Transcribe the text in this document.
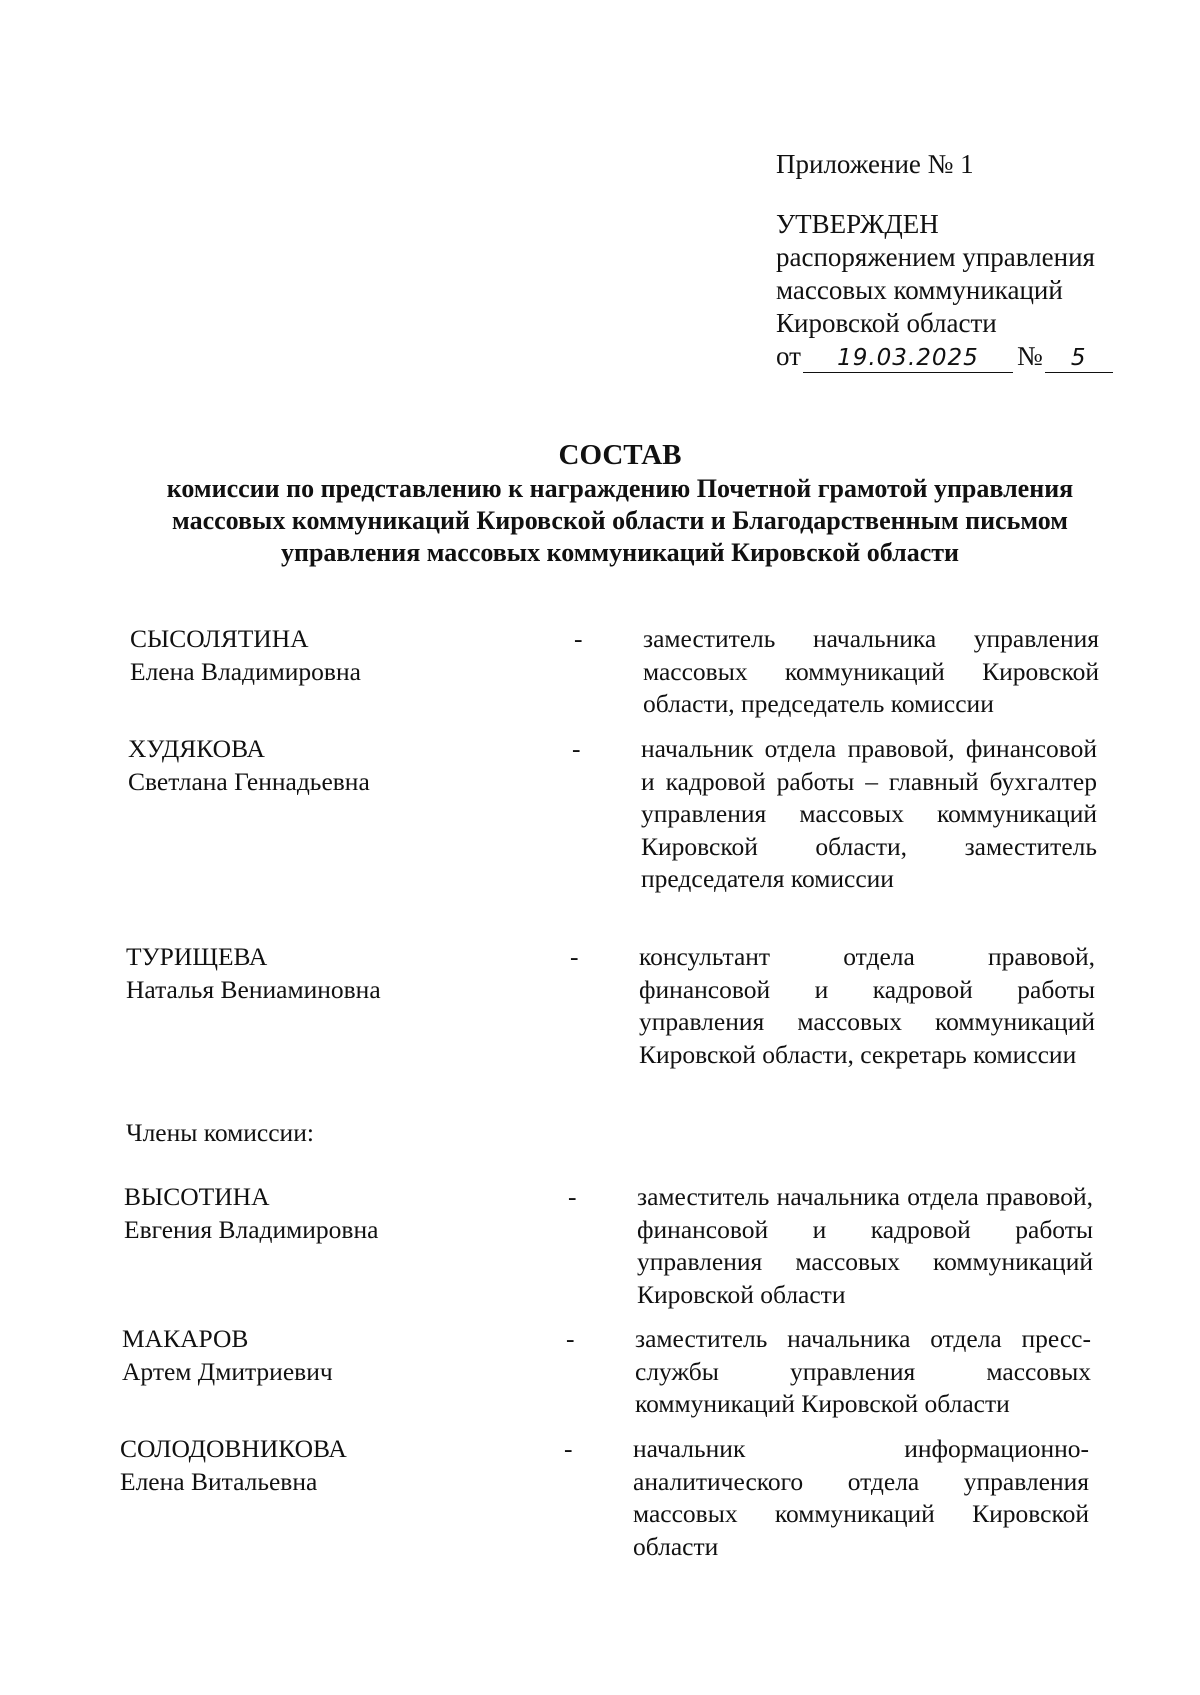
Приложение № 1
УТВЕРЖДЕН
распоряжением управления
массовых коммуникаций
Кировской области
от	19.03.2025	№	5
СОСТАВ
комиссии по представлению к награждению Почетной грамотой управления
массовых коммуникаций Кировской области и Благодарственным письмом
управления массовых коммуникаций Кировской области
СЫСОЛЯТИНА
Елена Владимировна
- заместитель начальника управления массовых коммуникаций Кировской области, председатель комиссии
ХУДЯКОВА
Светлана Геннадьевна
- начальник отдела правовой, финансовой и кадровой работы – главный бухгалтер управления массовых коммуникаций Кировской области, заместитель председателя комиссии
ТУРИЩЕВА
Наталья Вениаминовна
- консультант отдела правовой, финансовой и кадровой работы управления массовых коммуникаций Кировской области, секретарь комиссии
Члены комиссии:
ВЫСОТИНА
Евгения Владимировна
- заместитель начальника отдела правовой, финансовой и кадровой работы управления массовых коммуникаций Кировской области
МАКАРОВ
Артем Дмитриевич
- заместитель начальника отдела пресс-службы управления массовых коммуникаций Кировской области
СОЛОДОВНИКОВА
Елена Витальевна
- начальник информационно-аналитического отдела управления массовых коммуникаций Кировской области
